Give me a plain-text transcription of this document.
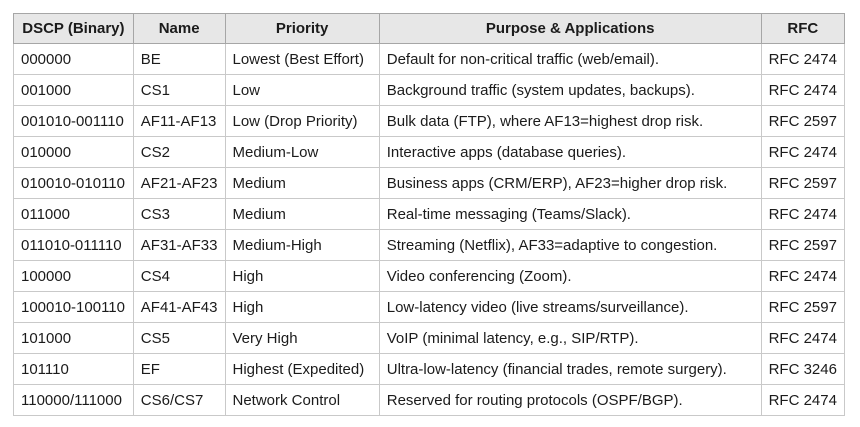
DSCP (Binary)	Name	Priority	Purpose & Applications	RFC
000000	BE	Lowest (Best Effort)	Default for non-critical traffic (web/email).	RFC 2474
001000	CS1	Low	Background traffic (system updates, backups).	RFC 2474
001010-001110	AF11-AF13	Low (Drop Priority)	Bulk data (FTP), where AF13=highest drop risk.	RFC 2597
010000	CS2	Medium-Low	Interactive apps (database queries).	RFC 2474
010010-010110	AF21-AF23	Medium	Business apps (CRM/ERP), AF23=higher drop risk.	RFC 2597
011000	CS3	Medium	Real-time messaging (Teams/Slack).	RFC 2474
011010-011110	AF31-AF33	Medium-High	Streaming (Netflix), AF33=adaptive to congestion.	RFC 2597
100000	CS4	High	Video conferencing (Zoom).	RFC 2474
100010-100110	AF41-AF43	High	Low-latency video (live streams/surveillance).	RFC 2597
101000	CS5	Very High	VoIP (minimal latency, e.g., SIP/RTP).	RFC 2474
101110	EF	Highest (Expedited)	Ultra-low-latency (financial trades, remote surgery).	RFC 3246
110000/111000	CS6/CS7	Network Control	Reserved for routing protocols (OSPF/BGP).	RFC 2474
